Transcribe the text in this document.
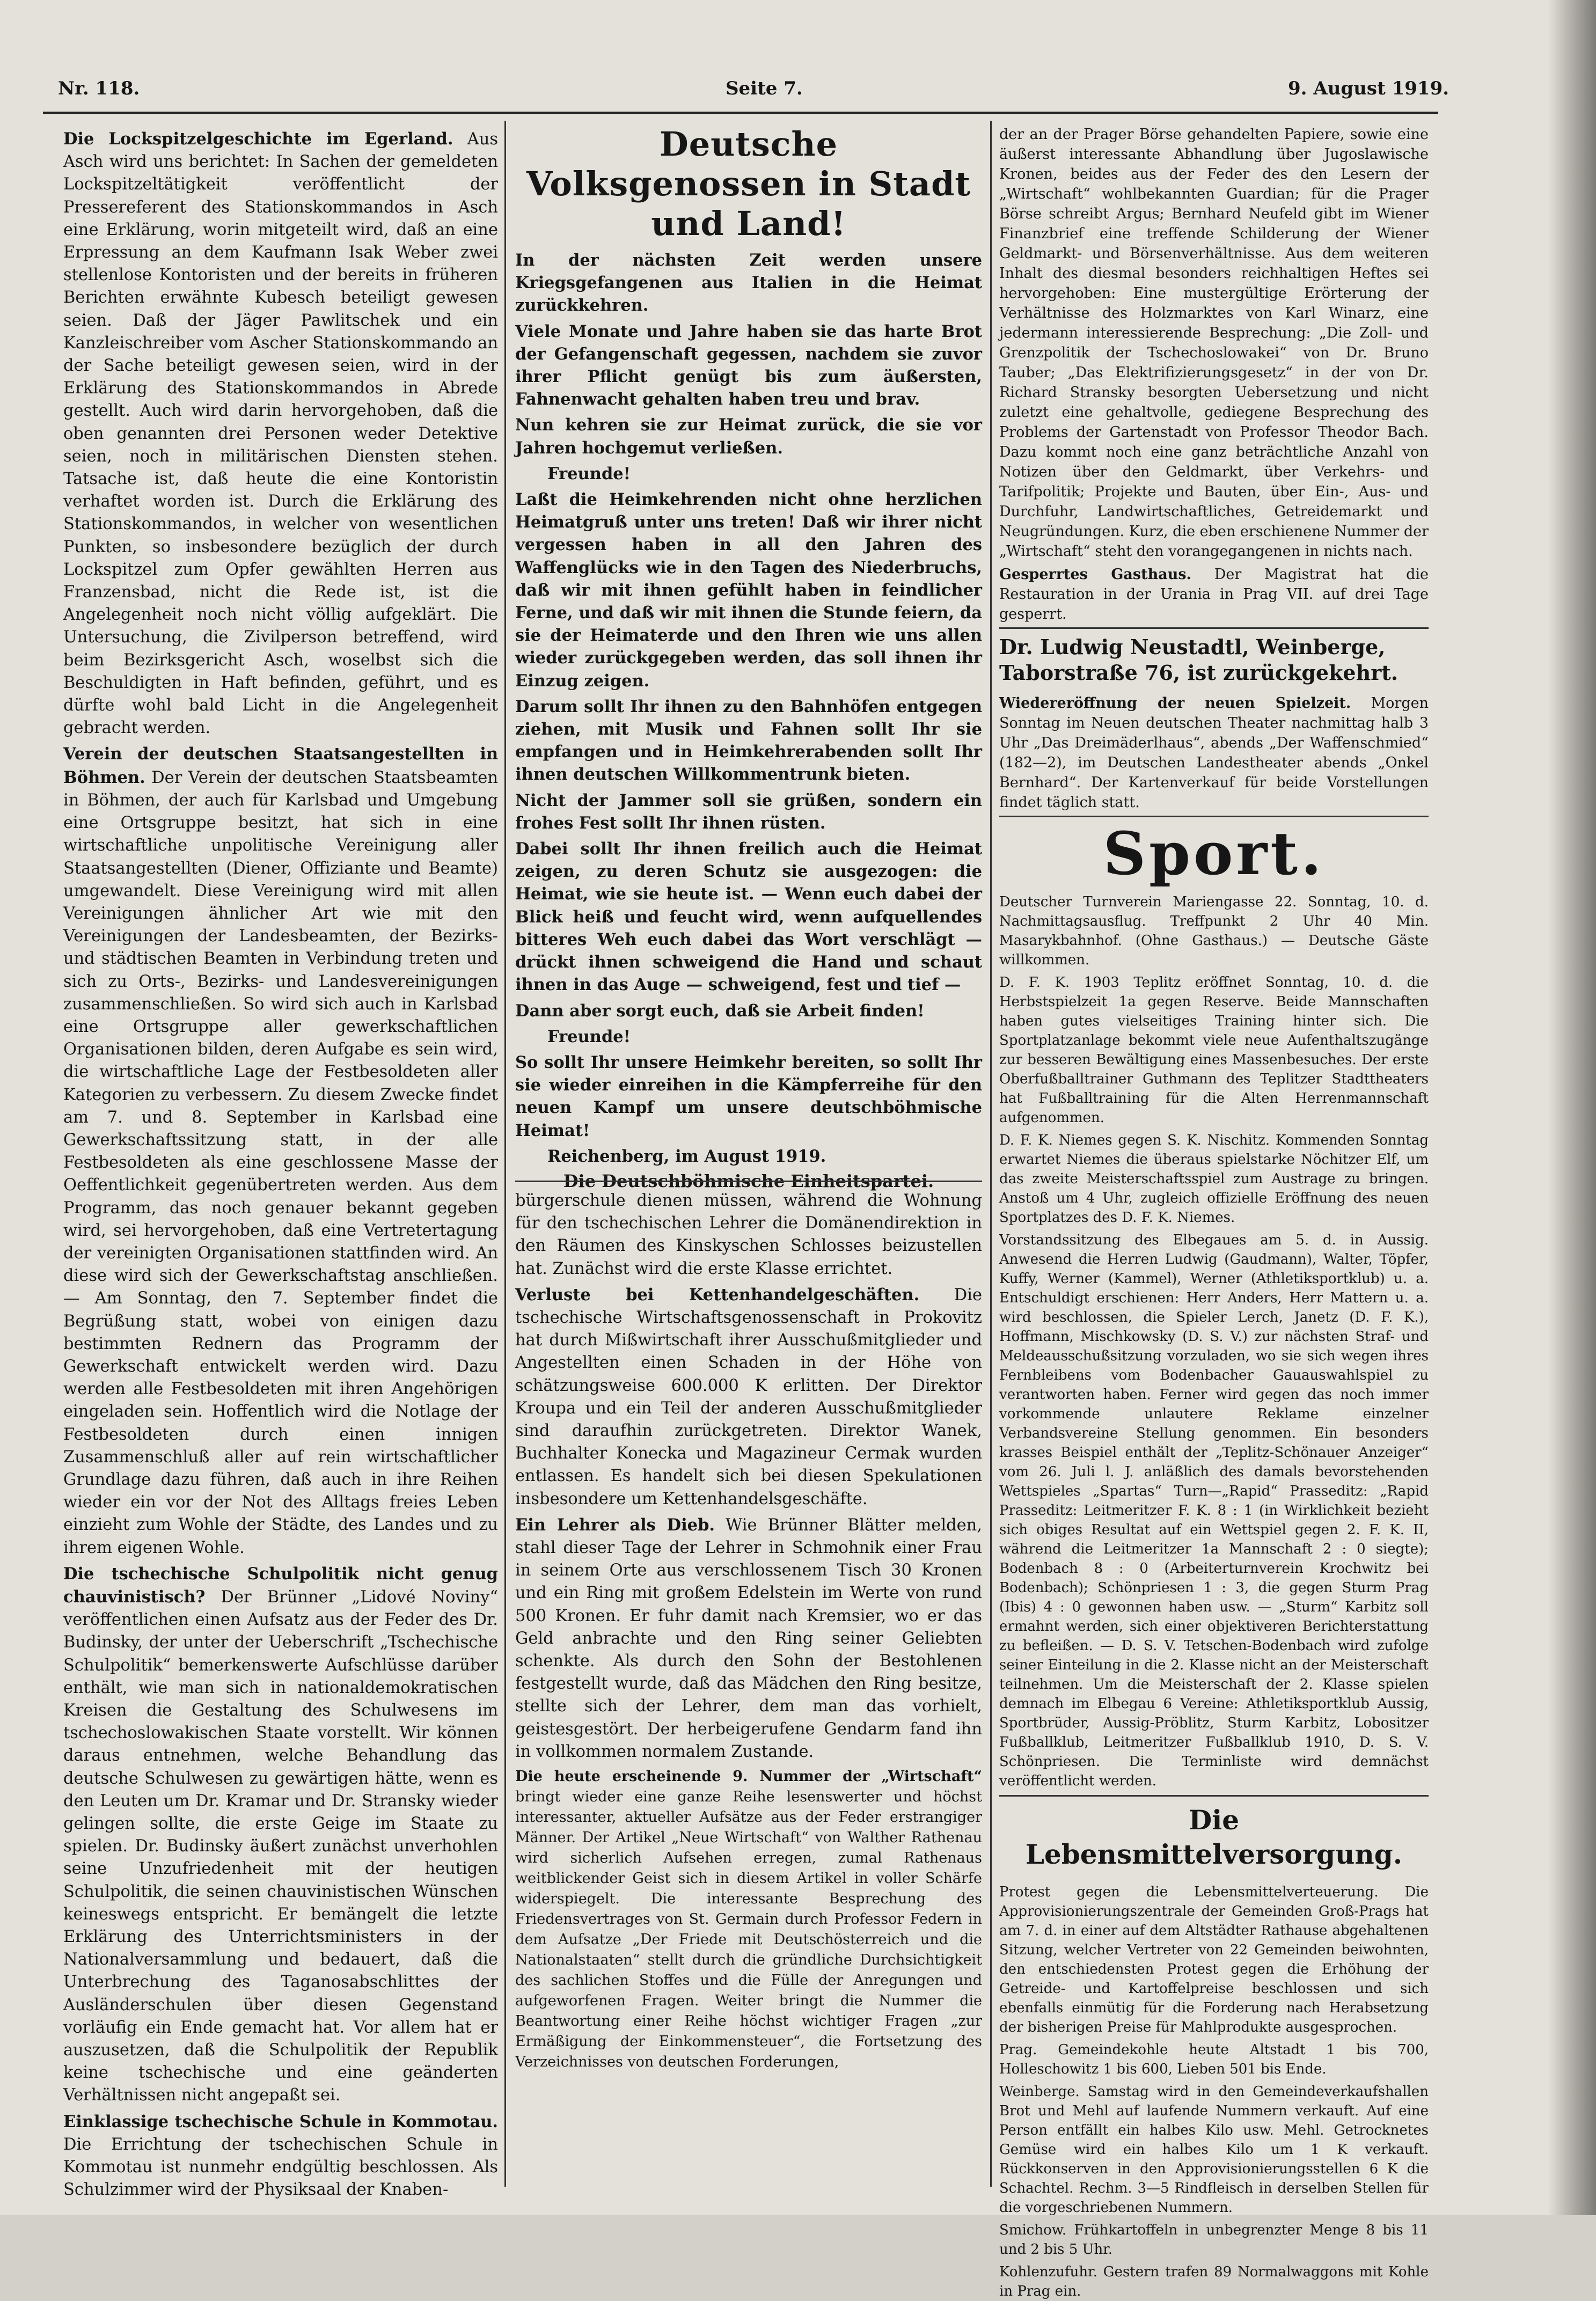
Nr. 118.	Seite 7.	9. August 1919.

Die Lockspitzelgeschichte im Egerland. Aus Asch wird uns berichtet: In Sachen der gemeldeten Lockspitzeltätigkeit veröffentlicht der Pressereferent des Stationskommandos in Asch eine Erklärung, worin mitgeteilt wird, daß an eine Erpressung an dem Kaufmann Isak Weber zwei stellenlose Kontoristen und der bereits in früheren Berichten erwähnte Kubesch beteiligt gewesen seien. Daß der Jäger Pawlitschek und ein Kanzleischreiber vom Ascher Stationskommando an der Sache beteiligt gewesen seien, wird in der Erklärung des Stationskommandos in Abrede gestellt. Auch wird darin hervorgehoben, daß die oben genannten drei Personen weder Detektive seien, noch in militärischen Diensten stehen. Tatsache ist, daß heute die eine Kontoristin verhaftet worden ist. Durch die Erklärung des Stationskommandos, in welcher von wesentlichen Punkten, so insbesondere bezüglich der durch Lockspitzel zum Opfer gewählten Herren aus Franzensbad, nicht die Rede ist, ist die Angelegenheit noch nicht völlig aufgeklärt. Die Untersuchung, die Zivilperson betreffend, wird beim Bezirksgericht Asch, woselbst sich die Beschuldigten in Haft befinden, geführt, und es dürfte wohl bald Licht in die Angelegenheit gebracht werden.

Verein der deutschen Staatsangestellten in Böhmen. Der Verein der deutschen Staatsbeamten in Böhmen, der auch für Karlsbad und Umgebung eine Ortsgruppe besitzt, hat sich in eine wirtschaftliche unpolitische Vereinigung aller Staatsangestellten (Diener, Offiziante und Beamte) umgewandelt. Diese Vereinigung wird mit allen Vereinigungen ähnlicher Art wie mit den Vereinigungen der Landesbeamten, der Bezirks- und städtischen Beamten in Verbindung treten und sich zu Orts-, Bezirks- und Landesvereinigungen zusammenschließen. So wird sich auch in Karlsbad eine Ortsgruppe aller gewerkschaftlichen Organisationen bilden, deren Aufgabe es sein wird, die wirtschaftliche Lage der Festbesoldeten aller Kategorien zu verbessern. Zu diesem Zwecke findet am 7. und 8. September in Karlsbad eine Gewerkschaftssitzung statt, in der alle Festbesoldeten als eine geschlossene Masse der Oeffentlichkeit gegenübertreten werden. Aus dem Programm, das noch genauer bekannt gegeben wird, sei hervorgehoben, daß eine Vertretertagung der vereinigten Organisationen stattfinden wird. An diese wird sich der Gewerkschaftstag anschließen. — Am Sonntag, den 7. September findet die Begrüßung statt, wobei von einigen dazu bestimmten Rednern das Programm der Gewerkschaft entwickelt werden wird. Dazu werden alle Festbesoldeten mit ihren Angehörigen eingeladen sein. Hoffentlich wird die Notlage der Festbesoldeten durch einen innigen Zusammenschluß aller auf rein wirtschaftlicher Grundlage dazu führen, daß auch in ihre Reihen wieder ein vor der Not des Alltags freies Leben einzieht zum Wohle der Städte, des Landes und zu ihrem eigenen Wohle.

Die tschechische Schulpolitik nicht genug chauvinistisch? Der Brünner „Lidové Noviny“ veröffentlichen einen Aufsatz aus der Feder des Dr. Budinsky, der unter der Ueberschrift „Tschechische Schulpolitik“ bemerkenswerte Aufschlüsse darüber enthält, wie man sich in nationaldemokratischen Kreisen die Gestaltung des Schulwesens im tschechoslowakischen Staate vorstellt. Wir können daraus entnehmen, welche Behandlung das deutsche Schulwesen zu gewärtigen hätte, wenn es den Leuten um Dr. Kramar und Dr. Stransky wieder gelingen sollte, die erste Geige im Staate zu spielen. Dr. Budinsky äußert zunächst unverhohlen seine Unzufriedenheit mit der heutigen Schulpolitik, die seinen chauvinistischen Wünschen keineswegs entspricht. Er bemängelt die letzte Erklärung des Unterrichtsministers in der Nationalversammlung und bedauert, daß die Unterbrechung des Taganosabschlittes der Ausländerschulen über diesen Gegenstand vorläufig ein Ende gemacht hat. Vor allem hat er auszusetzen, daß die Schulpolitik der Republik keine tschechische und eine geänderten Verhältnissen nicht angepaßt sei.

Einklassige tschechische Schule in Kommotau. Die Errichtung der tschechischen Schule in Kommotau ist nunmehr endgültig beschlossen. Als Schulzimmer wird der Physiksaal der Knaben-

Deutsche Volksgenossen in Stadt und Land!

In der nächsten Zeit werden unsere Kriegsgefangenen aus Italien in die Heimat zurückkehren.

Viele Monate und Jahre haben sie das harte Brot der Gefangenschaft gegessen, nachdem sie zuvor ihrer Pflicht genügt bis zum äußersten, Fahnenwacht gehalten haben treu und brav.

Nun kehren sie zur Heimat zurück, die sie vor Jahren hochgemut verließen.

Freunde!

Laßt die Heimkehrenden nicht ohne herzlichen Heimatgruß unter uns treten! Daß wir ihrer nicht vergessen haben in all den Jahren des Waffenglücks wie in den Tagen des Niederbruchs, daß wir mit ihnen gefühlt haben in feindlicher Ferne, und daß wir mit ihnen die Stunde feiern, da sie der Heimaterde und den Ihren wie uns allen wieder zurückgegeben werden, das soll ihnen ihr Einzug zeigen.

Darum sollt Ihr ihnen zu den Bahnhöfen entgegen ziehen, mit Musik und Fahnen sollt Ihr sie empfangen und in Heimkehrerabenden sollt Ihr ihnen deutschen Willkommentrunk bieten.

Nicht der Jammer soll sie grüßen, sondern ein frohes Fest sollt Ihr ihnen rüsten.

Dabei sollt Ihr ihnen freilich auch die Heimat zeigen, zu deren Schutz sie ausgezogen: die Heimat, wie sie heute ist. — Wenn euch dabei der Blick heiß und feucht wird, wenn aufquellendes bitteres Weh euch dabei das Wort verschlägt — drückt ihnen schweigend die Hand und schaut ihnen in das Auge — schweigend, fest und tief —

Dann aber sorgt euch, daß sie Arbeit finden!

Freunde!

So sollt Ihr unsere Heimkehr bereiten, so sollt Ihr sie wieder einreihen in die Kämpferreihe für den neuen Kampf um unsere deutschböhmische Heimat!

Reichenberg, im August 1919.

Die Deutschböhmische Einheitspartei.

bürgerschule dienen müssen, während die Wohnung für den tschechischen Lehrer die Domänendirektion in den Räumen des Kinskyschen Schlosses beizustellen hat. Zunächst wird die erste Klasse errichtet.

Verluste bei Kettenhandelgeschäften. Die tschechische Wirtschaftsgenossenschaft in Prokovitz hat durch Mißwirtschaft ihrer Ausschußmitglieder und Angestellten einen Schaden in der Höhe von schätzungsweise 600.000 K erlitten. Der Direktor Kroupa und ein Teil der anderen Ausschußmitglieder sind daraufhin zurückgetreten. Direktor Wanek, Buchhalter Konecka und Magazineur Cermak wurden entlassen. Es handelt sich bei diesen Spekulationen insbesondere um Kettenhandelsgeschäfte.

Ein Lehrer als Dieb. Wie Brünner Blätter melden, stahl dieser Tage der Lehrer in Schmohnik einer Frau in seinem Orte aus verschlossenem Tisch 30 Kronen und ein Ring mit großem Edelstein im Werte von rund 500 Kronen. Er fuhr damit nach Kremsier, wo er das Geld anbrachte und den Ring seiner Geliebten schenkte. Als durch den Sohn der Bestohlenen festgestellt wurde, daß das Mädchen den Ring besitze, stellte sich der Lehrer, dem man das vorhielt, geistesgestört. Der herbeigerufene Gendarm fand ihn in vollkommen normalem Zustande.

Die heute erscheinende 9. Nummer der „Wirtschaft“ bringt wieder eine ganze Reihe lesenswerter und höchst interessanter, aktueller Aufsätze aus der Feder erstrangiger Männer. Der Artikel „Neue Wirtschaft“ von Walther Rathenau wird sicherlich Aufsehen erregen, zumal Rathenaus weitblickender Geist sich in diesem Artikel in voller Schärfe widerspiegelt. Die interessante Besprechung des Friedensvertrages von St. Germain durch Professor Federn in dem Aufsatze „Der Friede mit Deutschösterreich und die Nationalstaaten“ stellt durch die gründliche Durchsichtigkeit des sachlichen Stoffes und die Fülle der Anregungen und aufgeworfenen Fragen. Weiter bringt die Nummer die Beantwortung einer Reihe höchst wichtiger Fragen „zur Ermäßigung der Einkommensteuer“, die Fortsetzung des Verzeichnisses von deutschen Forderungen,

der an der Prager Börse gehandelten Papiere, sowie eine äußerst interessante Abhandlung über Jugoslawische Kronen, beides aus der Feder des den Lesern der „Wirtschaft“ wohlbekannten Guardian; für die Prager Börse schreibt Argus; Bernhard Neufeld gibt im Wiener Finanzbrief eine treffende Schilderung der Wiener Geldmarkt- und Börsenverhältnisse. Aus dem weiteren Inhalt des diesmal besonders reichhaltigen Heftes sei hervorgehoben: Eine mustergültige Erörterung der Verhältnisse des Holzmarktes von Karl Winarz, eine jedermann interessierende Besprechung: „Die Zoll- und Grenzpolitik der Tschechoslowakei“ von Dr. Bruno Tauber; „Das Elektrifizierungsgesetz“ in der von Dr. Richard Stransky besorgten Uebersetzung und nicht zuletzt eine gehaltvolle, gediegene Besprechung des Problems der Gartenstadt von Professor Theodor Bach. Dazu kommt noch eine ganz beträchtliche Anzahl von Notizen über den Geldmarkt, über Verkehrs- und Tarifpolitik; Projekte und Bauten, über Ein-, Aus- und Durchfuhr, Landwirtschaftliches, Getreidemarkt und Neugründungen. Kurz, die eben erschienene Nummer der „Wirtschaft“ steht den vorangegangenen in nichts nach.

Gesperrtes Gasthaus. Der Magistrat hat die Restauration in der Urania in Prag VII. auf drei Tage gesperrt.

Dr. Ludwig Neustadtl, Weinberge, Taborstraße 76, ist zurückgekehrt.

Wiedereröffnung der neuen Spielzeit. Morgen Sonntag im Neuen deutschen Theater nachmittag halb 3 Uhr „Das Dreimäderlhaus“, abends „Der Waffenschmied“ (182—2), im Deutschen Landestheater abends „Onkel Bernhard“. Der Kartenverkauf für beide Vorstellungen findet täglich statt.

Sport.

Deutscher Turnverein Mariengasse 22. Sonntag, 10. d. Nachmittagsausflug. Treffpunkt 2 Uhr 40 Min. Masarykbahnhof. (Ohne Gasthaus.) — Deutsche Gäste willkommen.

D. F. K. 1903 Teplitz eröffnet Sonntag, 10. d. die Herbstspielzeit 1a gegen Reserve. Beide Mannschaften haben gutes vielseitiges Training hinter sich. Die Sportplatzanlage bekommt viele neue Aufenthaltszugänge zur besseren Bewältigung eines Massenbesuches. Der erste Oberfußballtrainer Guthmann des Teplitzer Stadttheaters hat Fußballtraining für die Alten Herrenmannschaft aufgenommen.

D. F. K. Niemes gegen S. K. Nischitz. Kommenden Sonntag erwartet Niemes die überaus spielstarke Nöchitzer Elf, um das zweite Meisterschaftsspiel zum Austrage zu bringen. Anstoß um 4 Uhr, zugleich offizielle Eröffnung des neuen Sportplatzes des D. F. K. Niemes.

Vorstandssitzung des Elbegaues am 5. d. in Aussig. Anwesend die Herren Ludwig (Gaudmann), Walter, Töpfer, Kuffy, Werner (Kammel), Werner (Athletiksportklub) u. a. Entschuldigt erschienen: Herr Anders, Herr Mattern u. a. wird beschlossen, die Spieler Lerch, Janetz (D. F. K.), Hoffmann, Mischkowsky (D. S. V.) zur nächsten Straf- und Meldeausschußsitzung vorzuladen, wo sie sich wegen ihres Fernbleibens vom Bodenbacher Gauauswahlspiel zu verantworten haben. Ferner wird gegen das noch immer vorkommende unlautere Reklame einzelner Verbandsvereine Stellung genommen. Ein besonders krasses Beispiel enthält der „Teplitz-Schönauer Anzeiger“ vom 26. Juli l. J. anläßlich des damals bevorstehenden Wettspieles „Spartas“ Turn—„Rapid“ Prasseditz: „Rapid Prasseditz: Leitmeritzer F. K. 8 : 1 (in Wirklichkeit bezieht sich obiges Resultat auf ein Wettspiel gegen 2. F. K. II, während die Leitmeritzer 1a Mannschaft 2 : 0 siegte); Bodenbach 8 : 0 (Arbeiterturnverein Krochwitz bei Bodenbach); Schönpriesen 1 : 3, die gegen Sturm Prag (Ibis) 4 : 0 gewonnen haben usw. — „Sturm“ Karbitz soll ermahnt werden, sich einer objektiveren Berichterstattung zu befleißen. — D. S. V. Tetschen-Bodenbach wird zufolge seiner Einteilung in die 2. Klasse nicht an der Meisterschaft teilnehmen. Um die Meisterschaft der 2. Klasse spielen demnach im Elbegau 6 Vereine: Athletiksportklub Aussig, Sportbrüder, Aussig-Pröblitz, Sturm Karbitz, Lobositzer Fußballklub, Leitmeritzer Fußballklub 1910, D. S. V. Schönpriesen. Die Terminliste wird demnächst veröffentlicht werden.

Die Lebensmittelversorgung.

Protest gegen die Lebensmittelverteuerung. Die Approvisionierungszentrale der Gemeinden Groß-Prags hat am 7. d. in einer auf dem Altstädter Rathause abgehaltenen Sitzung, welcher Vertreter von 22 Gemeinden beiwohnten, den entschiedensten Protest gegen die Erhöhung der Getreide- und Kartoffelpreise beschlossen und sich ebenfalls einmütig für die Forderung nach Herabsetzung der bisherigen Preise für Mahlprodukte ausgesprochen.

Prag. Gemeindekohle heute Altstadt 1 bis 700, Holleschowitz 1 bis 600, Lieben 501 bis Ende.

Weinberge. Samstag wird in den Gemeindeverkaufshallen Brot und Mehl auf laufende Nummern verkauft. Auf eine Person entfällt ein halbes Kilo usw. Mehl. Getrocknetes Gemüse wird ein halbes Kilo um 1 K verkauft. Rückkonserven in den Approvisionierungsstellen 6 K die Schachtel. Rechm. 3—5 Rindfleisch in derselben Stellen für die vorgeschriebenen Nummern.

Smichow. Frühkartoffeln in unbegrenzter Menge 8 bis 11 und 2 bis 5 Uhr.

Kohlenzufuhr. Gestern trafen 89 Normalwaggons mit Kohle in Prag ein.
